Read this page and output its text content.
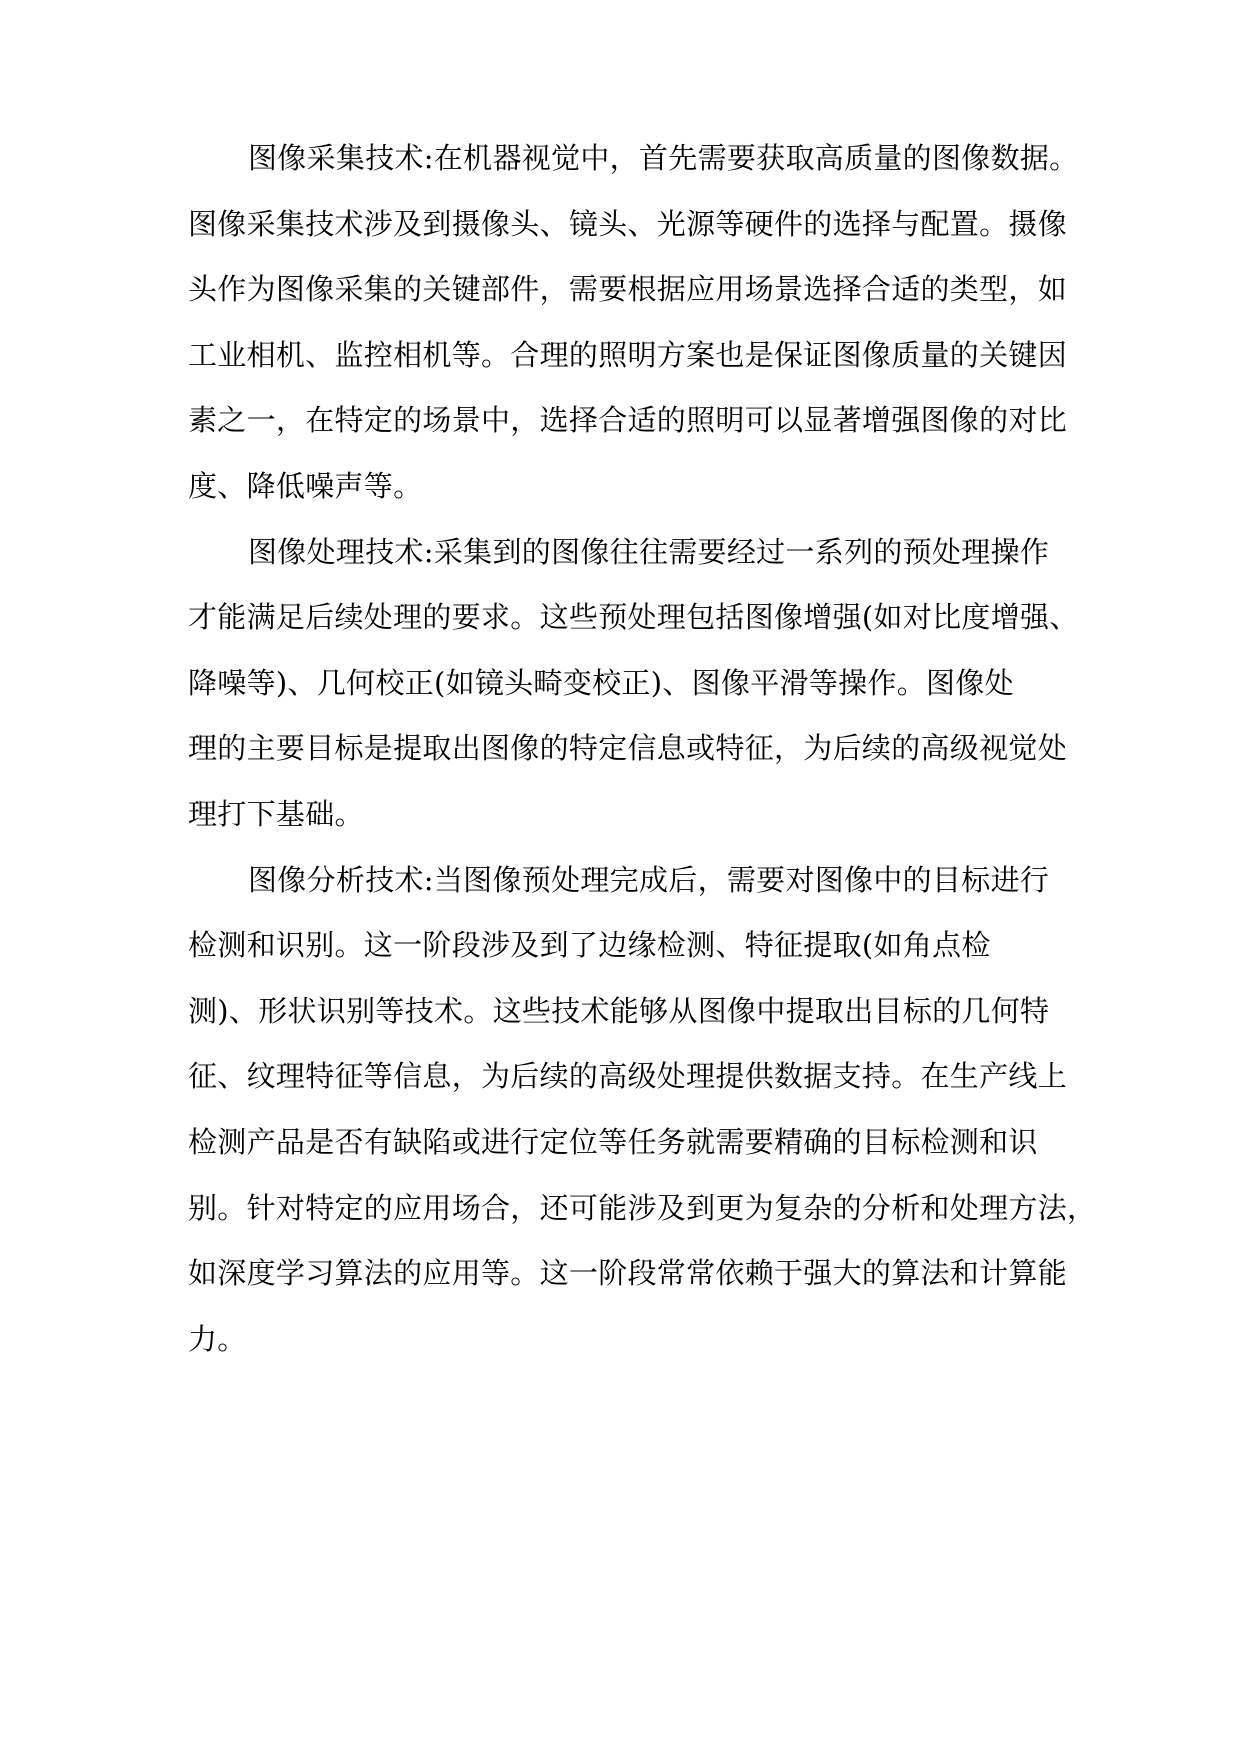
图像采集技术:在机器视觉中，首先需要获取高质量的图像数据。
图像采集技术涉及到摄像头、镜头、光源等硬件的选择与配置。摄像
头作为图像采集的关键部件，需要根据应用场景选择合适的类型，如
工业相机、监控相机等。合理的照明方案也是保证图像质量的关键因
素之一，在特定的场景中，选择合适的照明可以显著增强图像的对比
度、降低噪声等。
图像处理技术:采集到的图像往往需要经过一系列的预处理操作
才能满足后续处理的要求。这些预处理包括图像增强(如对比度增强、
降噪等)、几何校正(如镜头畸变校正)、图像平滑等操作。图像处
理的主要目标是提取出图像的特定信息或特征，为后续的高级视觉处
理打下基础。
图像分析技术:当图像预处理完成后，需要对图像中的目标进行
检测和识别。这一阶段涉及到了边缘检测、特征提取(如角点检
测)、形状识别等技术。这些技术能够从图像中提取出目标的几何特
征、纹理特征等信息，为后续的高级处理提供数据支持。在生产线上
检测产品是否有缺陷或进行定位等任务就需要精确的目标检测和识
别。针对特定的应用场合，还可能涉及到更为复杂的分析和处理方法，
如深度学习算法的应用等。这一阶段常常依赖于强大的算法和计算能
力。
